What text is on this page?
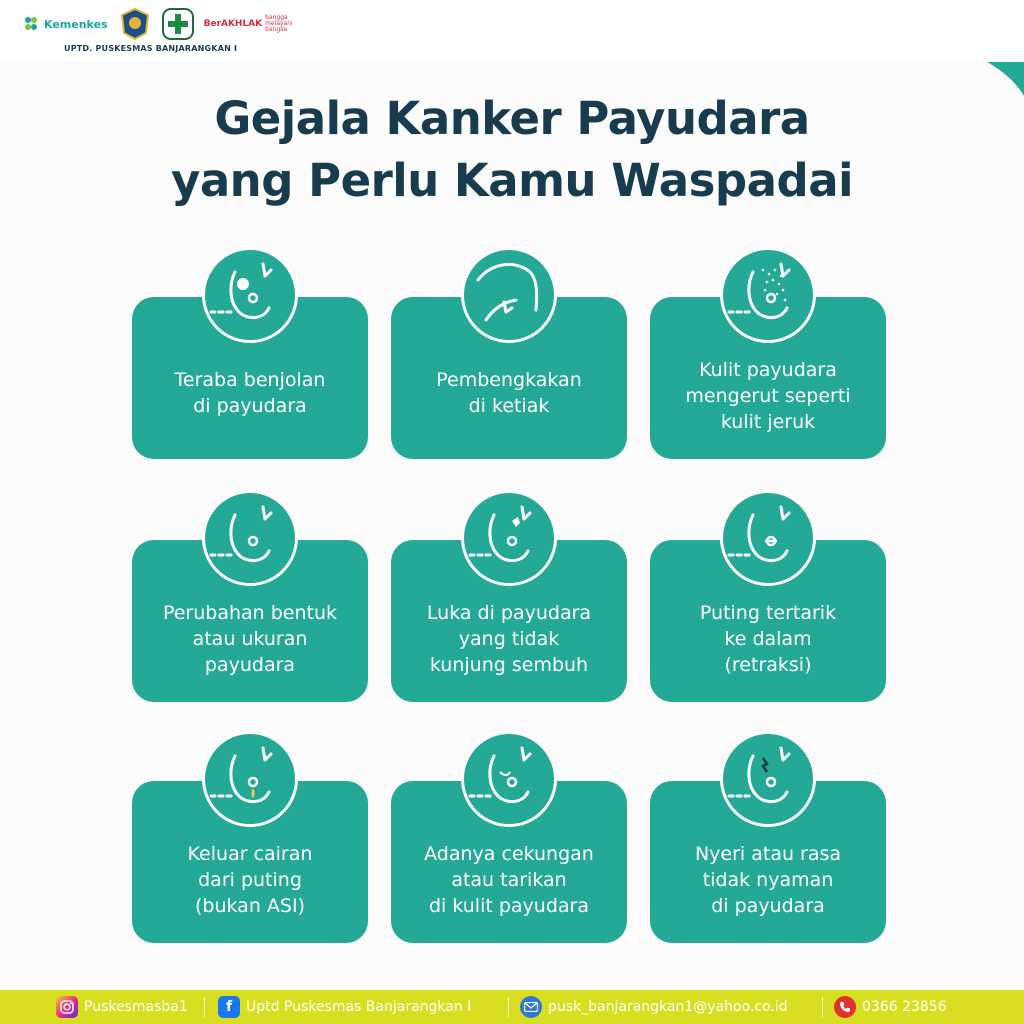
Kemenkes	BerAKHLAK
bangga melayani bangsa
UPTD. PUSKESMAS BANJARANGKAN I
Gejala Kanker Payudara
yang Perlu Kamu Waspadai
Teraba benjolan
di payudara
Pembengkakan
di ketiak
Kulit payudara
mengerut seperti
kulit jeruk
Perubahan bentuk
atau ukuran
payudara
Luka di payudara
yang tidak
kunjung sembuh
Puting tertarik
ke dalam
(retraksi)
Keluar cairan
dari puting
(bukan ASI)
Adanya cekungan
atau tarikan
di kulit payudara
Nyeri atau rasa
tidak nyaman
di payudara
Puskesmasba1	f Uptd Puskesmas Banjarangkan I	pusk_banjarangkan1@yahoo.co.id	0366 23856
